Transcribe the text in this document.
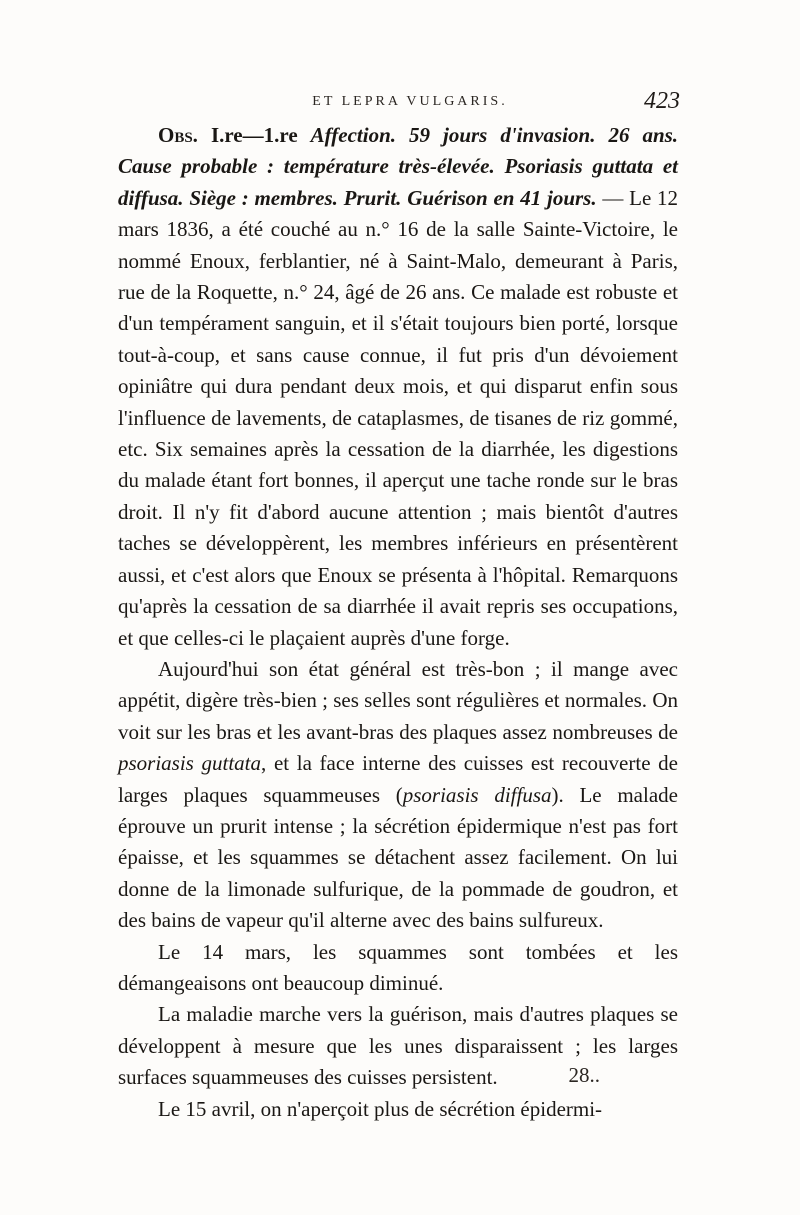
ET LEPRA VULGARIS.	423

Obs. I.re—1.re Affection. 59 jours d'invasion. 26 ans. Cause probable : température très-élevée. Psoriasis guttata et diffusa. Siège : membres. Prurit. Guérison en 41 jours. — Le 12 mars 1836, a été couché au n.° 16 de la salle Sainte-Victoire, le nommé Enoux, ferblantier, né à Saint-Malo, demeurant à Paris, rue de la Roquette, n.° 24, âgé de 26 ans. Ce malade est robuste et d'un tempérament sanguin, et il s'était toujours bien porté, lorsque tout-à-coup, et sans cause connue, il fut pris d'un dévoiement opiniâtre qui dura pendant deux mois, et qui disparut enfin sous l'influence de lavements, de cataplasmes, de tisanes de riz gommé, etc. Six semaines après la cessation de la diarrhée, les digestions du malade étant fort bonnes, il aperçut une tache ronde sur le bras droit. Il n'y fit d'abord aucune attention ; mais bientôt d'autres taches se développèrent, les membres inférieurs en présentèrent aussi, et c'est alors que Enoux se présenta à l'hôpital. Remarquons qu'après la cessation de sa diarrhée il avait repris ses occupations, et que celles-ci le plaçaient auprès d'une forge.

Aujourd'hui son état général est très-bon ; il mange avec appétit, digère très-bien ; ses selles sont régulières et normales. On voit sur les bras et les avant-bras des plaques assez nombreuses de psoriasis guttata, et la face interne des cuisses est recouverte de larges plaques squammeuses (psoriasis diffusa). Le malade éprouve un prurit intense ; la sécrétion épidermique n'est pas fort épaisse, et les squammes se détachent assez facilement. On lui donne de la limonade sulfurique, de la pommade de goudron, et des bains de vapeur qu'il alterne avec des bains sulfureux.

Le 14 mars, les squammes sont tombées et les démangeaisons ont beaucoup diminué.

La maladie marche vers la guérison, mais d'autres plaques se développent à mesure que les unes disparaissent ; les larges surfaces squammeuses des cuisses persistent.

Le 15 avril, on n'aperçoit plus de sécrétion épidermi-

28..
